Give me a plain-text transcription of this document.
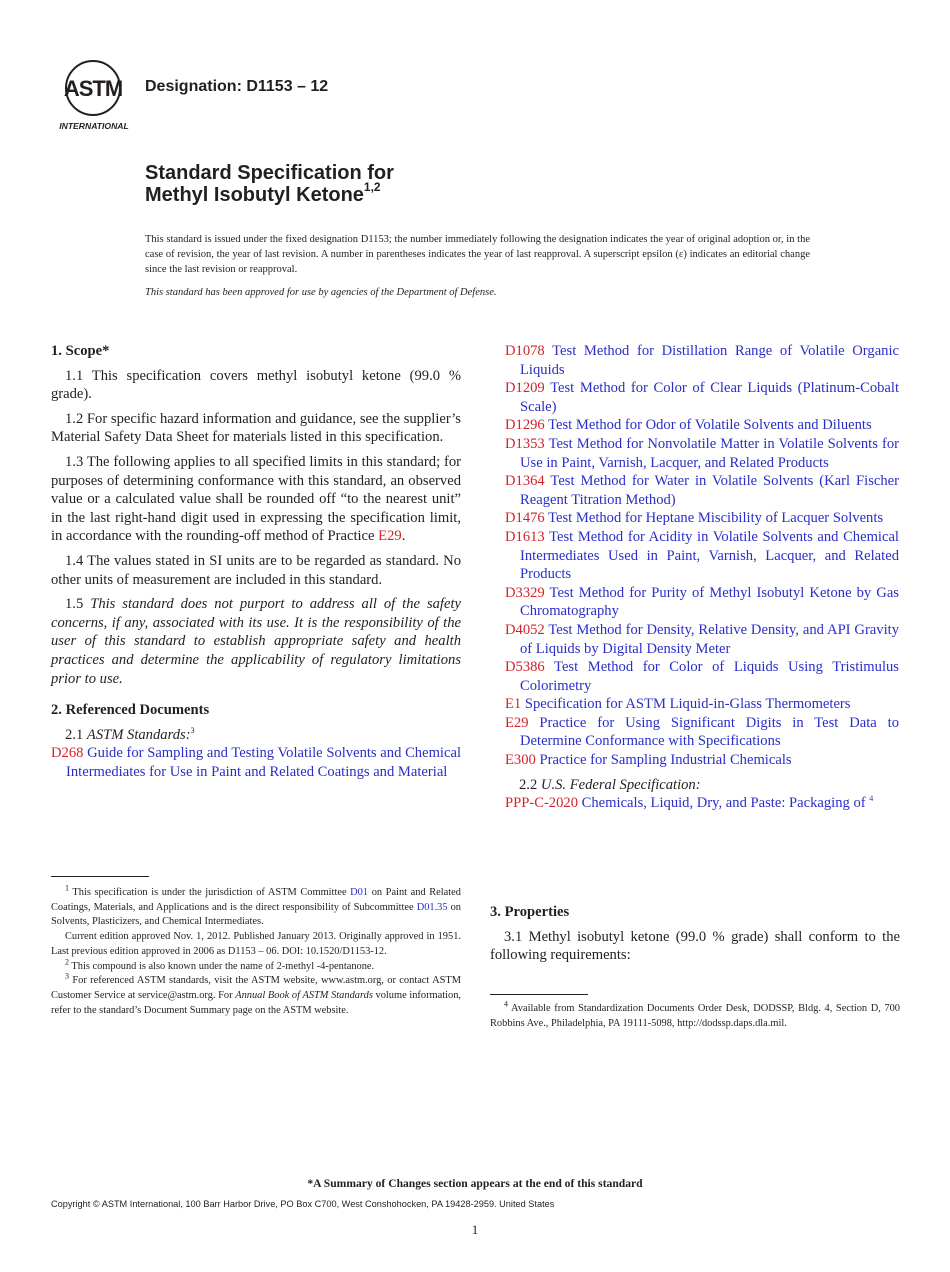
ASTM
INTERNATIONAL
Designation: D1153 – 12
Standard Specification for
Methyl Isobutyl Ketone$^{1,2}$

This standard is issued under the fixed designation D1153; the number immediately following the designation indicates the year of original adoption or, in the case of revision, the year of last revision. A number in parentheses indicates the year of last reapproval. A superscript epsilon (ε) indicates an editorial change since the last revision or reapproval.

This standard has been approved for use by agencies of the Department of Defense.

1. Scope*

1.1 This specification covers methyl isobutyl ketone (99.0 % grade).

1.2 For specific hazard information and guidance, see the supplier’s Material Safety Data Sheet for materials listed in this specification.

1.3 The following applies to all specified limits in this standard; for purposes of determining conformance with this standard, an observed value or a calculated value shall be rounded off “to the nearest unit” in the last right-hand digit used in expressing the specification limit, in accordance with the rounding-off method of Practice E29.

1.4 The values stated in SI units are to be regarded as standard. No other units of measurement are included in this standard.

1.5 This standard does not purport to address all of the safety concerns, if any, associated with its use. It is the responsibility of the user of this standard to establish appropriate safety and health practices and determine the applicability of regulatory limitations prior to use.

2. Referenced Documents

2.1 ASTM Standards:$^3$

D268 Guide for Sampling and Testing Volatile Solvents and Chemical Intermediates for Use in Paint and Related Coatings and Material

$^1$ This specification is under the jurisdiction of ASTM Committee D01 on Paint and Related Coatings, Materials, and Applications and is the direct responsibility of Subcommittee D01.35 on Solvents, Plasticizers, and Chemical Intermediates.

Current edition approved Nov. 1, 2012. Published January 2013. Originally approved in 1951. Last previous edition approved in 2006 as D1153 – 06. DOI: 10.1520/D1153-12.

$^2$ This compound is also known under the name of 2-methyl -4-pentanone.

$^3$ For referenced ASTM standards, visit the ASTM website, www.astm.org, or contact ASTM Customer Service at service@astm.org. For Annual Book of ASTM Standards volume information, refer to the standard’s Document Summary page on the ASTM website.

D1078 Test Method for Distillation Range of Volatile Organic Liquids

D1209 Test Method for Color of Clear Liquids (Platinum-Cobalt Scale)

D1296 Test Method for Odor of Volatile Solvents and Diluents

D1353 Test Method for Nonvolatile Matter in Volatile Solvents for Use in Paint, Varnish, Lacquer, and Related Products

D1364 Test Method for Water in Volatile Solvents (Karl Fischer Reagent Titration Method)

D1476 Test Method for Heptane Miscibility of Lacquer Solvents

D1613 Test Method for Acidity in Volatile Solvents and Chemical Intermediates Used in Paint, Varnish, Lacquer, and Related Products

D3329 Test Method for Purity of Methyl Isobutyl Ketone by Gas Chromatography

D4052 Test Method for Density, Relative Density, and API Gravity of Liquids by Digital Density Meter

D5386 Test Method for Color of Liquids Using Tristimulus Colorimetry

E1 Specification for ASTM Liquid-in-Glass Thermometers

E29 Practice for Using Significant Digits in Test Data to Determine Conformance with Specifications

E300 Practice for Sampling Industrial Chemicals

2.2 U.S. Federal Specification:

PPP-C-2020 Chemicals, Liquid, Dry, and Paste: Packaging of $^4$

3. Properties

3.1 Methyl isobutyl ketone (99.0 % grade) shall conform to the following requirements:

$^4$ Available from Standardization Documents Order Desk, DODSSP, Bldg. 4, Section D, 700 Robbins Ave., Philadelphia, PA 19111-5098, http://dodssp.daps.dla.mil.

*A Summary of Changes section appears at the end of this standard
Copyright © ASTM International, 100 Barr Harbor Drive, PO Box C700, West Conshohocken, PA 19428-2959. United States
1
